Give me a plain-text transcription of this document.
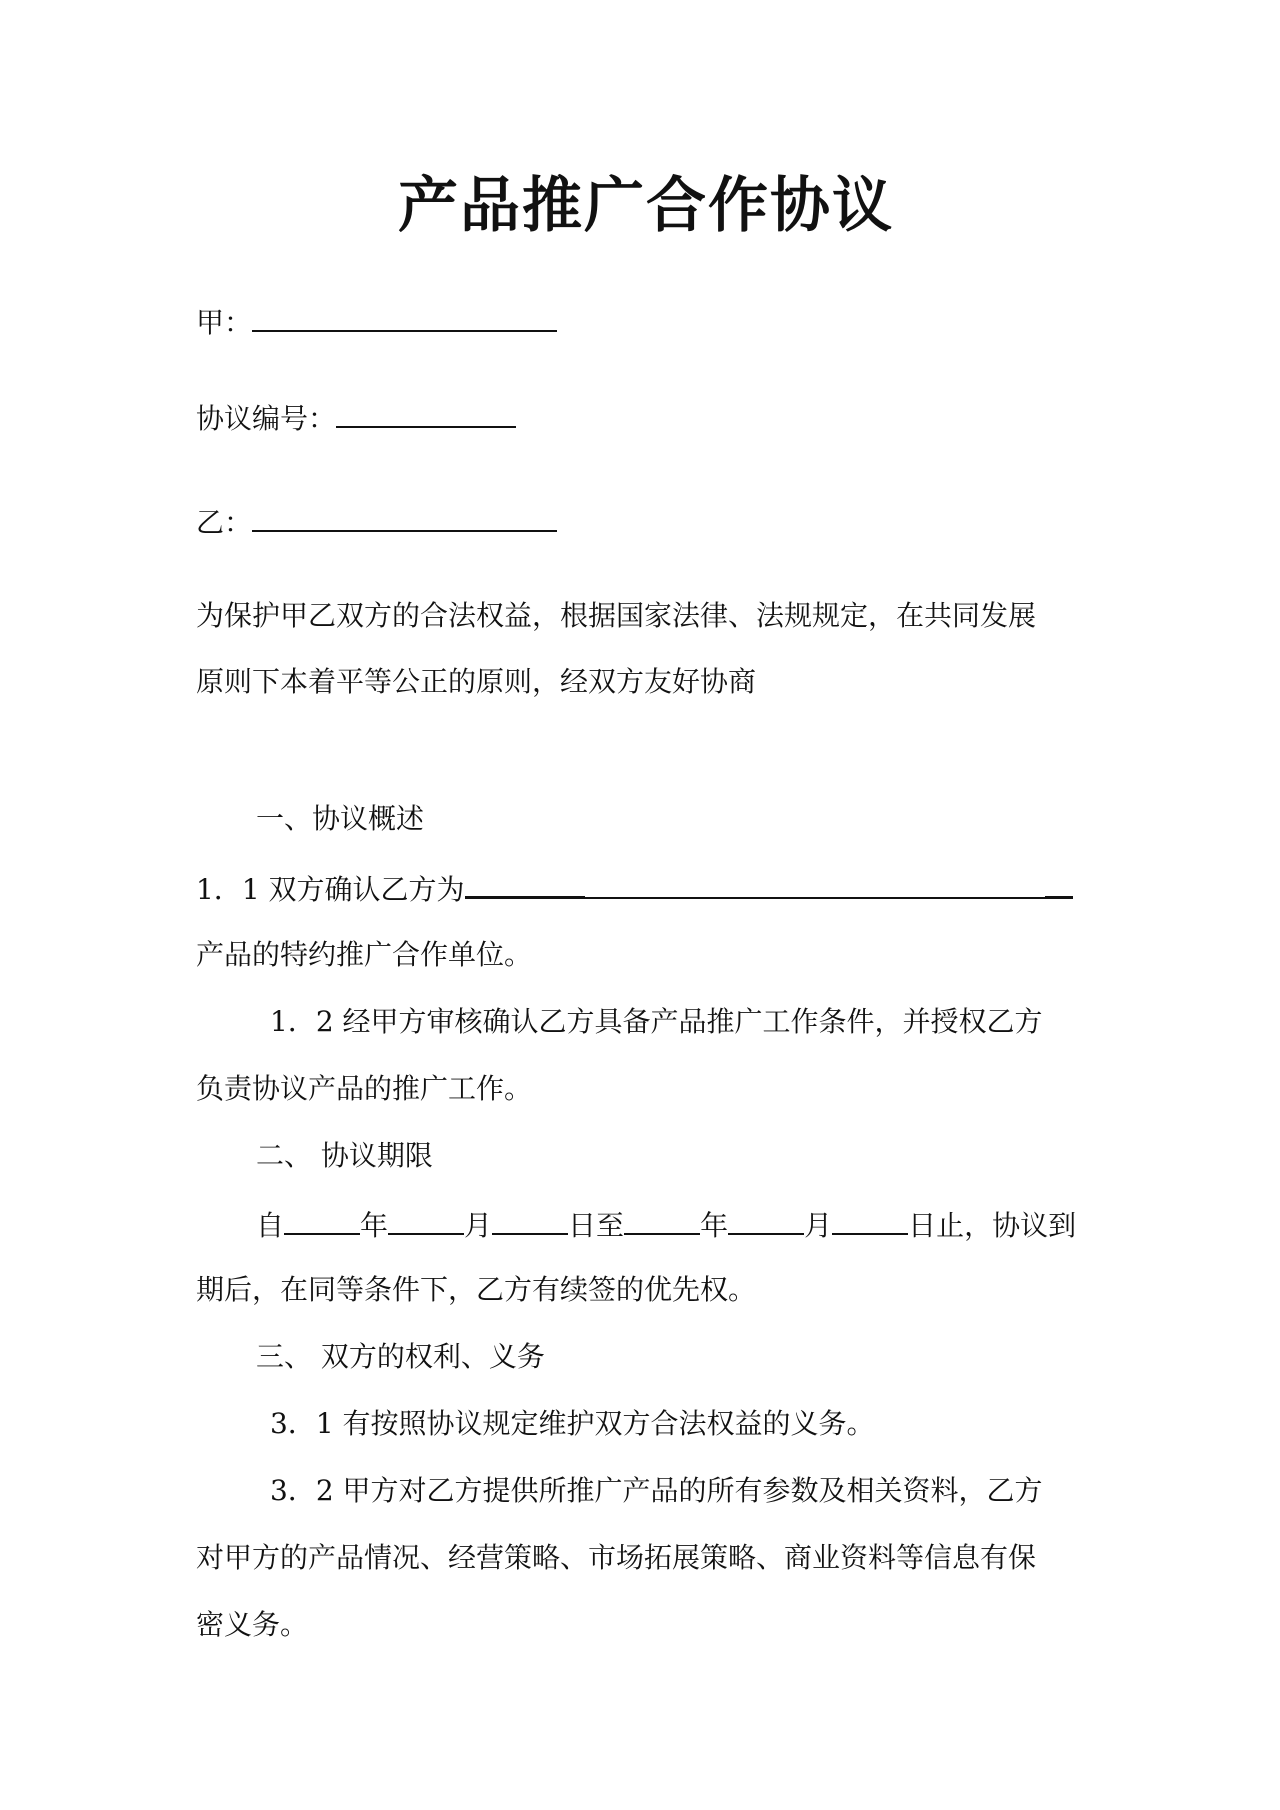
产品推广合作协议
甲：
协议编号：
乙：
为保护甲乙双方的合法权益，根据国家法律、法规规定，在共同发展
原则下本着平等公正的原则，经双方友好协商
一、协议概述
1．1 双方确认乙方为
产品的特约推广合作单位。
1．2 经甲方审核确认乙方具备产品推广工作条件，并授权乙方
负责协议产品的推广工作。
二、 协议期限
自	年	月	日至	年	月	日止，协议到
期后，在同等条件下，乙方有续签的优先权。
三、 双方的权利、义务
3．1 有按照协议规定维护双方合法权益的义务。
3．2 甲方对乙方提供所推广产品的所有参数及相关资料，乙方
对甲方的产品情况、经营策略、市场拓展策略、商业资料等信息有保
密义务。
